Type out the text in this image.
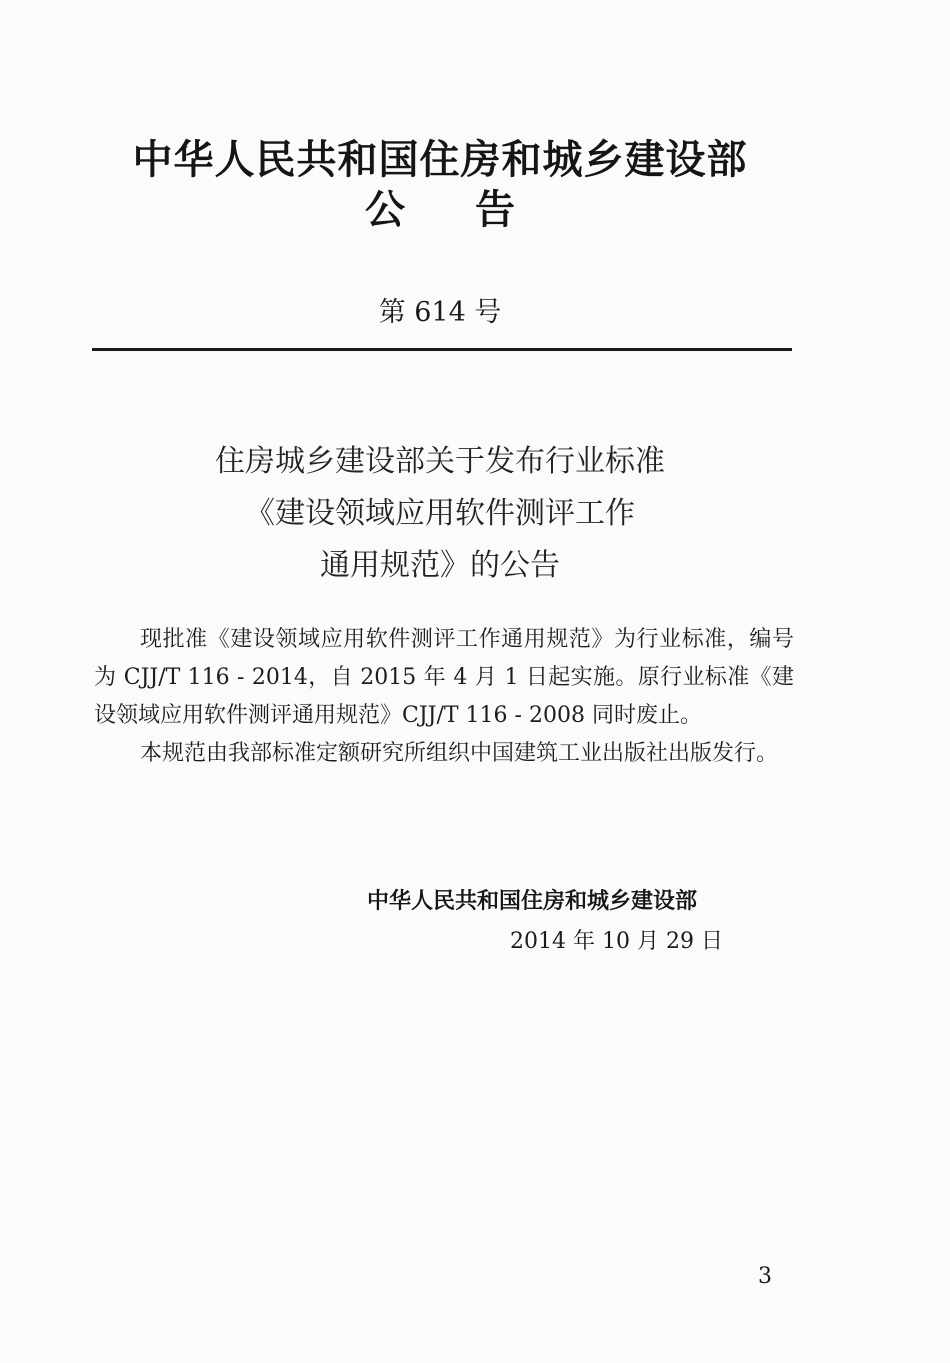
中华人民共和国住房和城乡建设部
公告
第 614 号
住房城乡建设部关于发布行业标准
《建设领域应用软件测评工作
通用规范》的公告

现批准《建设领域应用软件测评工作通用规范》为行业标准，编号为 CJJ/T 116 - 2014，自 2015 年 4 月 1 日起实施。原行业标准《建设领域应用软件测评通用规范》CJJ/T 116 - 2008 同时废止。

本规范由我部标准定额研究所组织中国建筑工业出版社出版发行。

中华人民共和国住房和城乡建设部
2014 年 10 月 29 日
3
